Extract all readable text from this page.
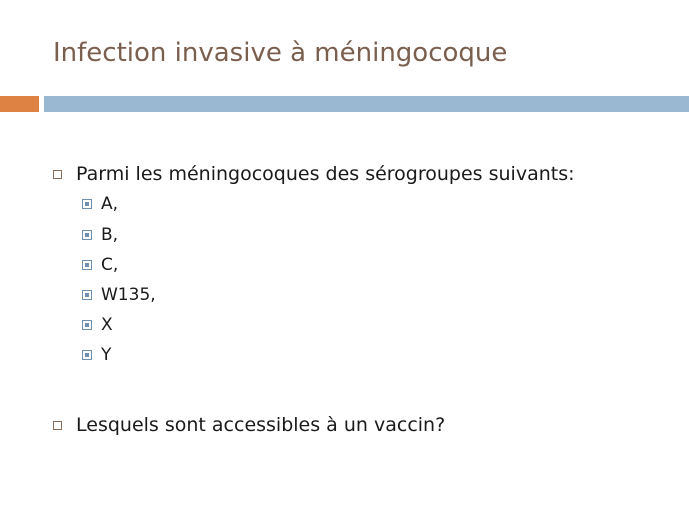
Infection invasive à méningocoque
Parmi les méningocoques des sérogroupes suivants:
A,
B,
C,
W135,
X
Y
Lesquels sont accessibles à un vaccin?
